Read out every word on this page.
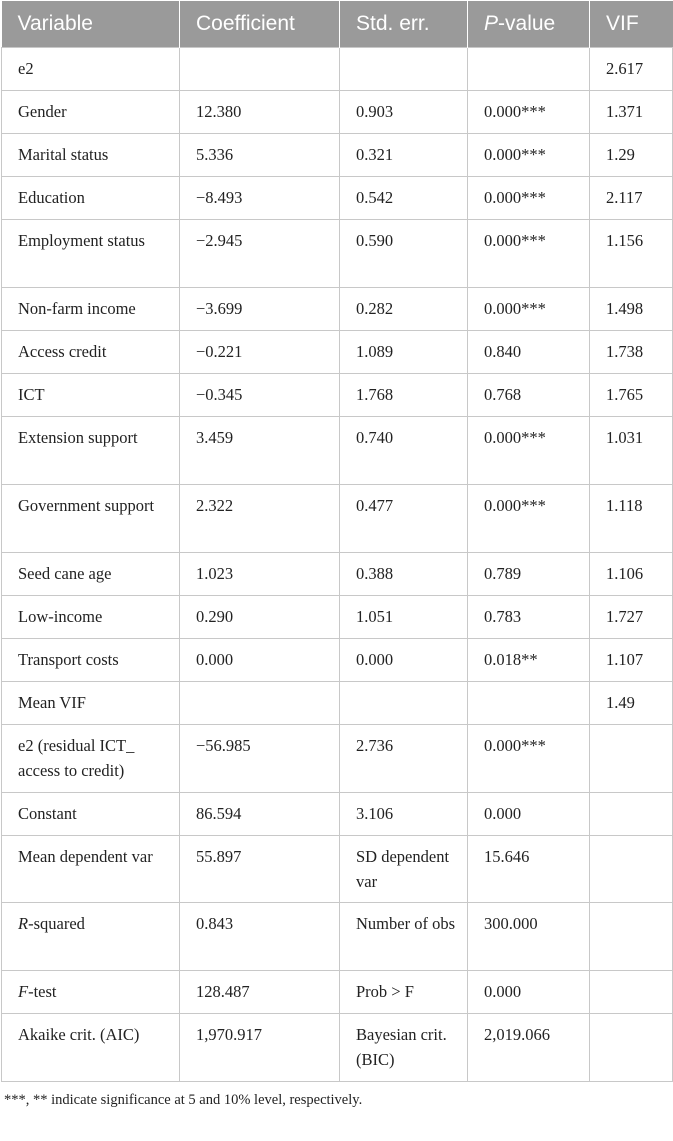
Variable	Coefficient	Std. err.	P-value	VIF
e2				2.617
Gender	12.380	0.903	0.000***	1.371
Marital status	5.336	0.321	0.000***	1.29
Education	−8.493	0.542	0.000***	2.117
Employment status	−2.945	0.590	0.000***	1.156
Non-farm income	−3.699	0.282	0.000***	1.498
Access credit	−0.221	1.089	0.840	1.738
ICT	−0.345	1.768	0.768	1.765
Extension support	3.459	0.740	0.000***	1.031
Government support	2.322	0.477	0.000***	1.118
Seed cane age	1.023	0.388	0.789	1.106
Low-income	0.290	1.051	0.783	1.727
Transport costs	0.000	0.000	0.018**	1.107
Mean VIF				1.49
e2 (residual ICT_ access to credit)	−56.985	2.736	0.000***	
Constant	86.594	3.106	0.000	
Mean dependent var	55.897	SD dependent var	15.646	
R-squared	0.843	Number of obs	300.000	
F-test	128.487	Prob > F	0.000	
Akaike crit. (AIC)	1,970.917	Bayesian crit. (BIC)	2,019.066	
***, ** indicate significance at 5 and 10% level, respectively.
